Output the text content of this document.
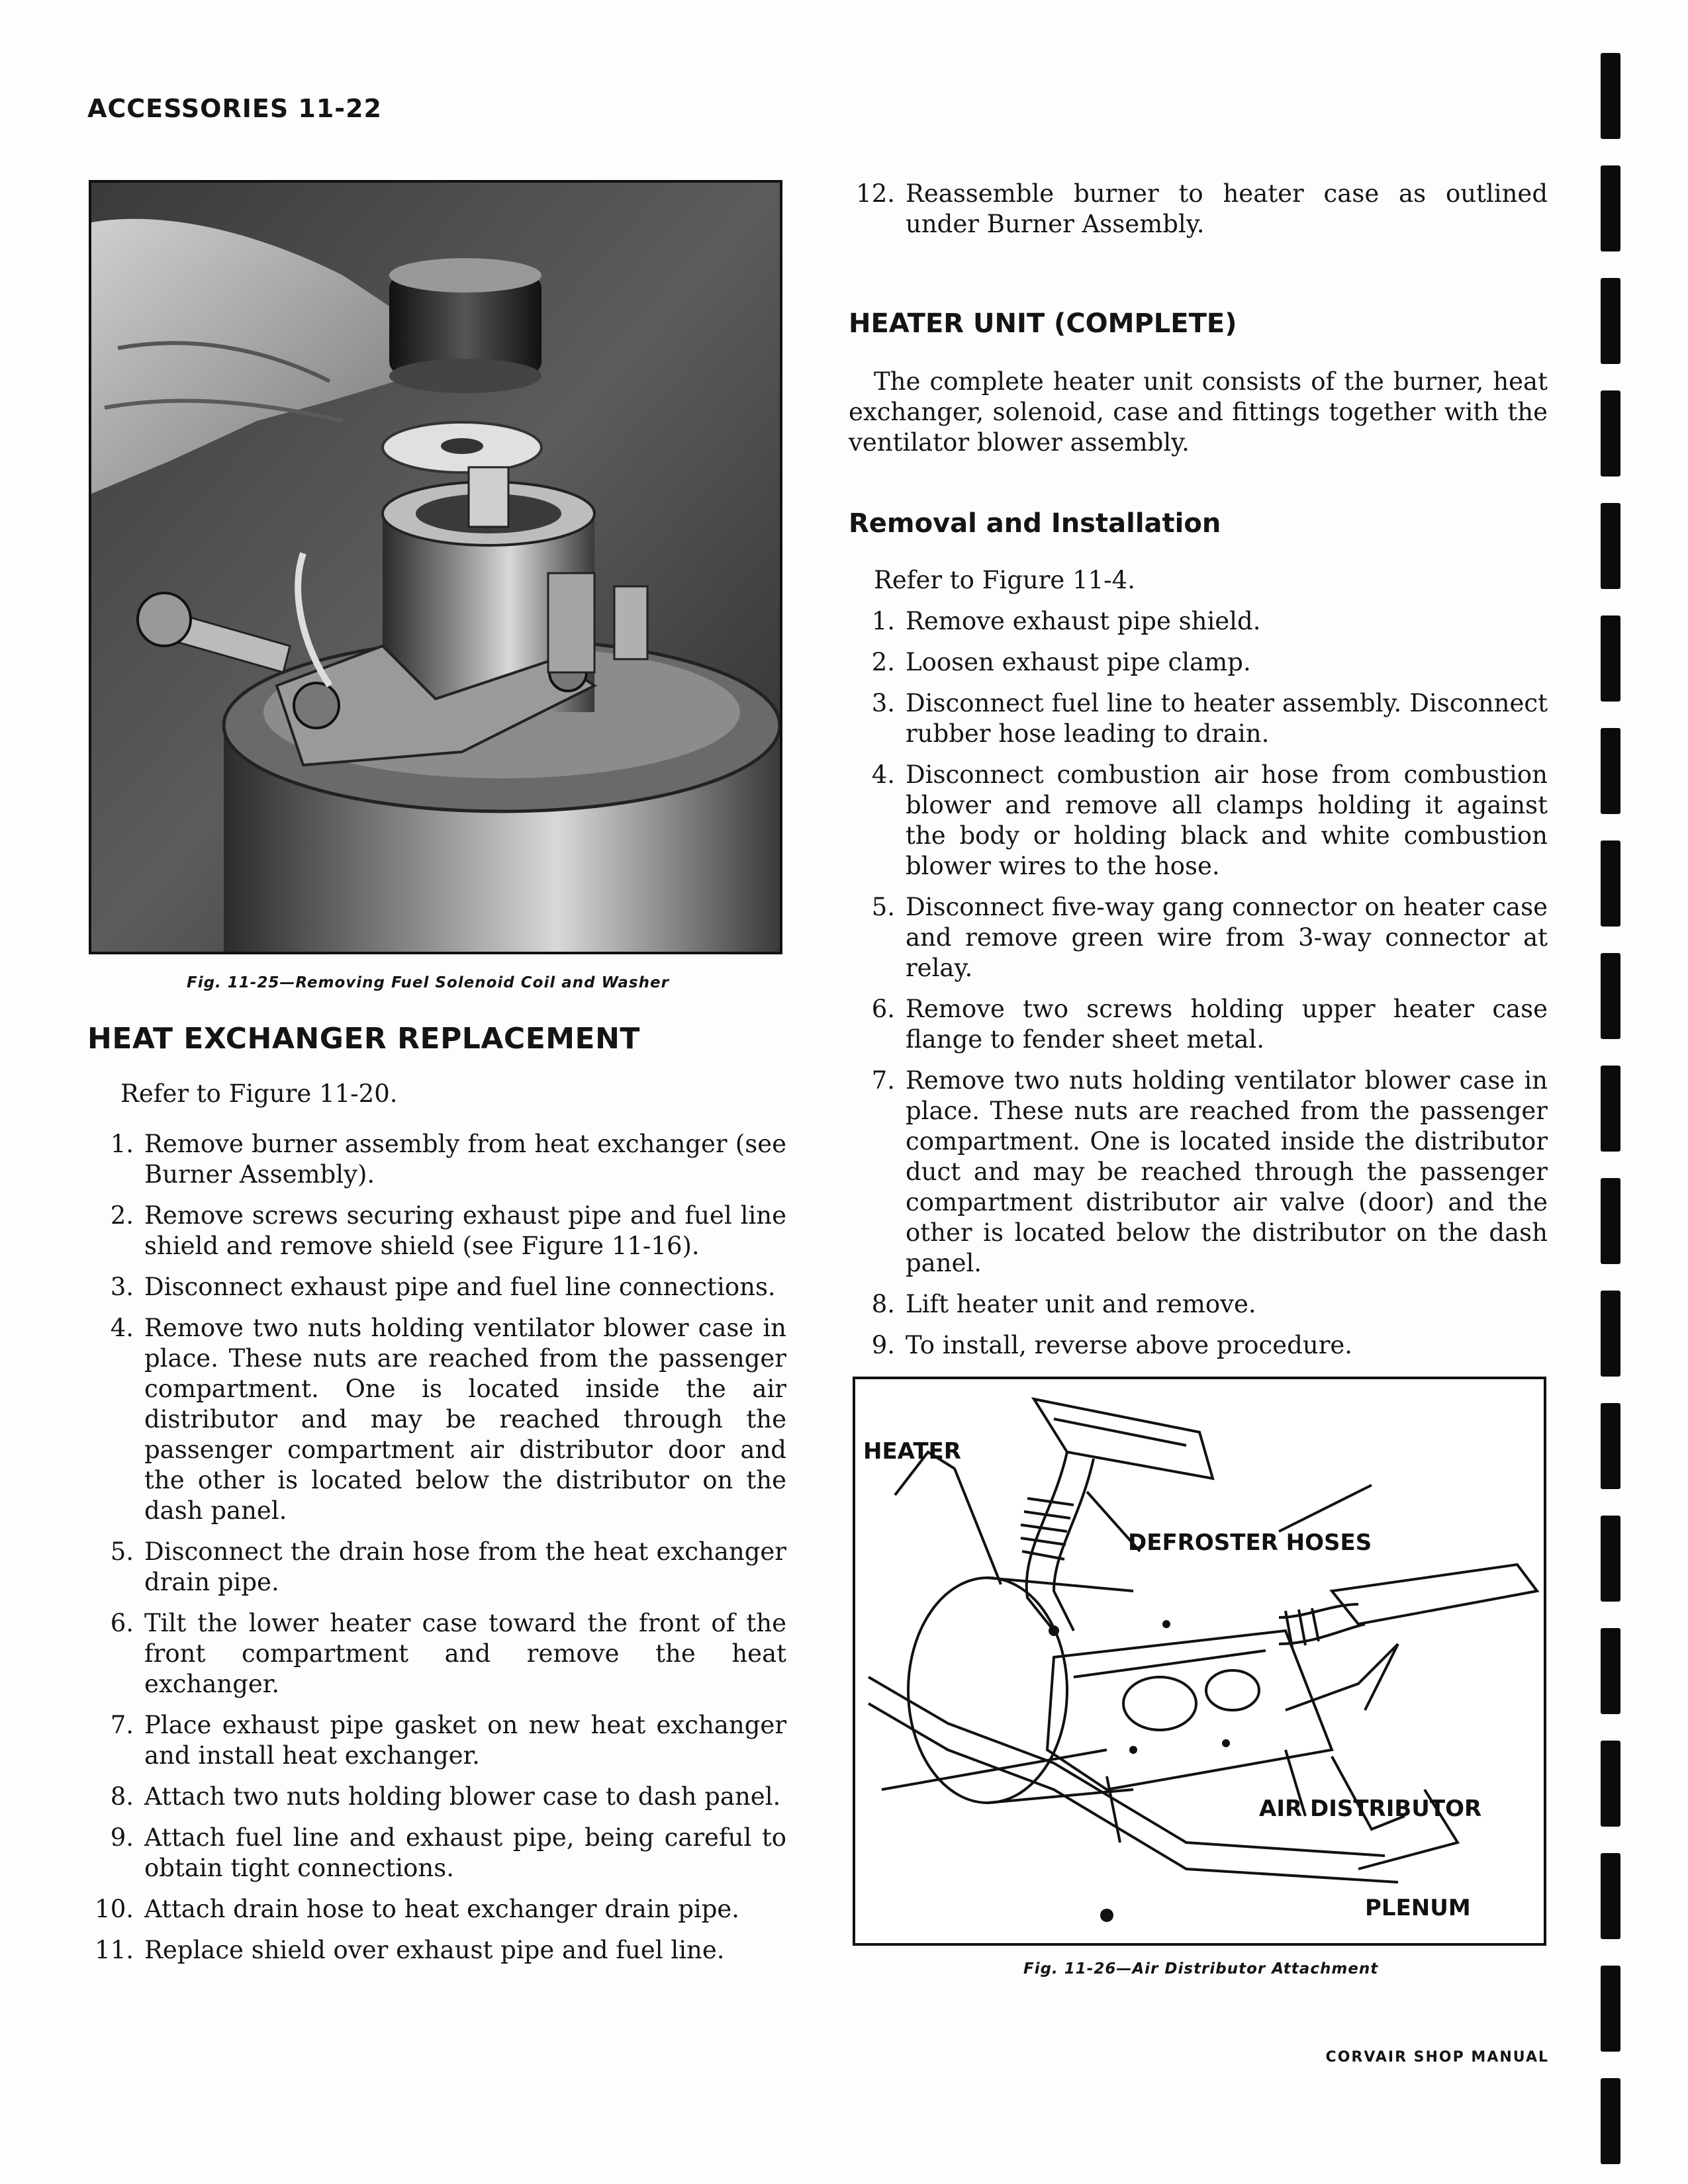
ACCESSORIES 11-22
Fig. 11-25—Removing Fuel Solenoid Coil and Washer
HEAT EXCHANGER REPLACEMENT
Refer to Figure 11-20.
1. Remove burner assembly from heat exchanger (see Burner Assembly).
2. Remove screws securing exhaust pipe and fuel line shield and remove shield (see Figure 11-16).
3. Disconnect exhaust pipe and fuel line connections.
4. Remove two nuts holding ventilator blower case in place. These nuts are reached from the passenger compartment. One is located inside the air distributor and may be reached through the passenger compartment air distributor door and the other is located below the distributor on the dash panel.
5. Disconnect the drain hose from the heat exchanger drain pipe.
6. Tilt the lower heater case toward the front of the front compartment and remove the heat exchanger.
7. Place exhaust pipe gasket on new heat exchanger and install heat exchanger.
8. Attach two nuts holding blower case to dash panel.
9. Attach fuel line and exhaust pipe, being careful to obtain tight connections.
10. Attach drain hose to heat exchanger drain pipe.
11. Replace shield over exhaust pipe and fuel line.
12. Reassemble burner to heater case as outlined under Burner Assembly.
HEATER UNIT (COMPLETE)
The complete heater unit consists of the burner, heat exchanger, solenoid, case and fittings together with the ventilator blower assembly.
Removal and Installation
Refer to Figure 11-4.
1. Remove exhaust pipe shield.
2. Loosen exhaust pipe clamp.
3. Disconnect fuel line to heater assembly. Disconnect rubber hose leading to drain.
4. Disconnect combustion air hose from combustion blower and remove all clamps holding it against the body or holding black and white combustion blower wires to the hose.
5. Disconnect five-way gang connector on heater case and remove green wire from 3-way connector at relay.
6. Remove two screws holding upper heater case flange to fender sheet metal.
7. Remove two nuts holding ventilator blower case in place. These nuts are reached from the passenger compartment. One is located inside the distributor duct and may be reached through the passenger compartment distributor air valve (door) and the other is located below the distributor on the dash panel.
8. Lift heater unit and remove.
9. To install, reverse above procedure.
HEATER
DEFROSTER HOSES
AIR DISTRIBUTOR
PLENUM
Fig. 11-26—Air Distributor Attachment
CORVAIR SHOP MANUAL
